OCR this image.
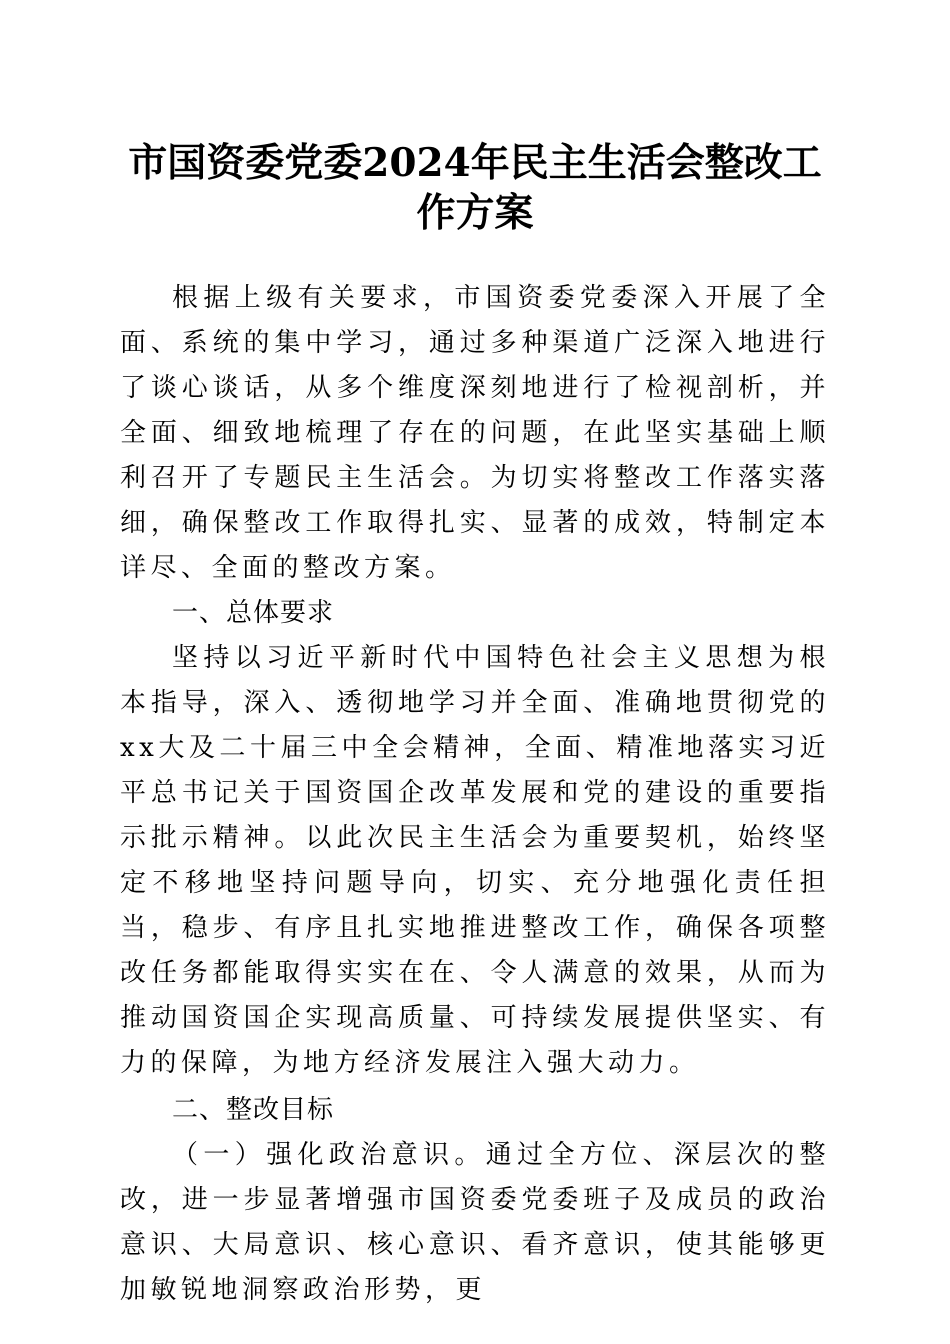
市国资委党委2024年民主生活会整改工作方案

根据上级有关要求，市国资委党委深入开展了全面、系统的集中学习，通过多种渠道广泛深入地进行了谈心谈话，从多个维度深刻地进行了检视剖析，并全面、细致地梳理了存在的问题，在此坚实基础上顺利召开了专题民主生活会。为切实将整改工作落实落细，确保整改工作取得扎实、显著的成效，特制定本详尽、全面的整改方案。

一、总体要求

坚持以习近平新时代中国特色社会主义思想为根本指导，深入、透彻地学习并全面、准确地贯彻党的xx大及二十届三中全会精神，全面、精准地落实习近平总书记关于国资国企改革发展和党的建设的重要指示批示精神。以此次民主生活会为重要契机，始终坚定不移地坚持问题导向，切实、充分地强化责任担当，稳步、有序且扎实地推进整改工作，确保各项整改任务都能取得实实在在、令人满意的效果，从而为推动国资国企实现高质量、可持续发展提供坚实、有力的保障，为地方经济发展注入强大动力。

二、整改目标

（一）强化政治意识。通过全方位、深层次的整改，进一步显著增强市国资委党委班子及成员的政治意识、大局意识、核心意识、看齐意识，使其能够更加敏锐地洞察政治形势，更
